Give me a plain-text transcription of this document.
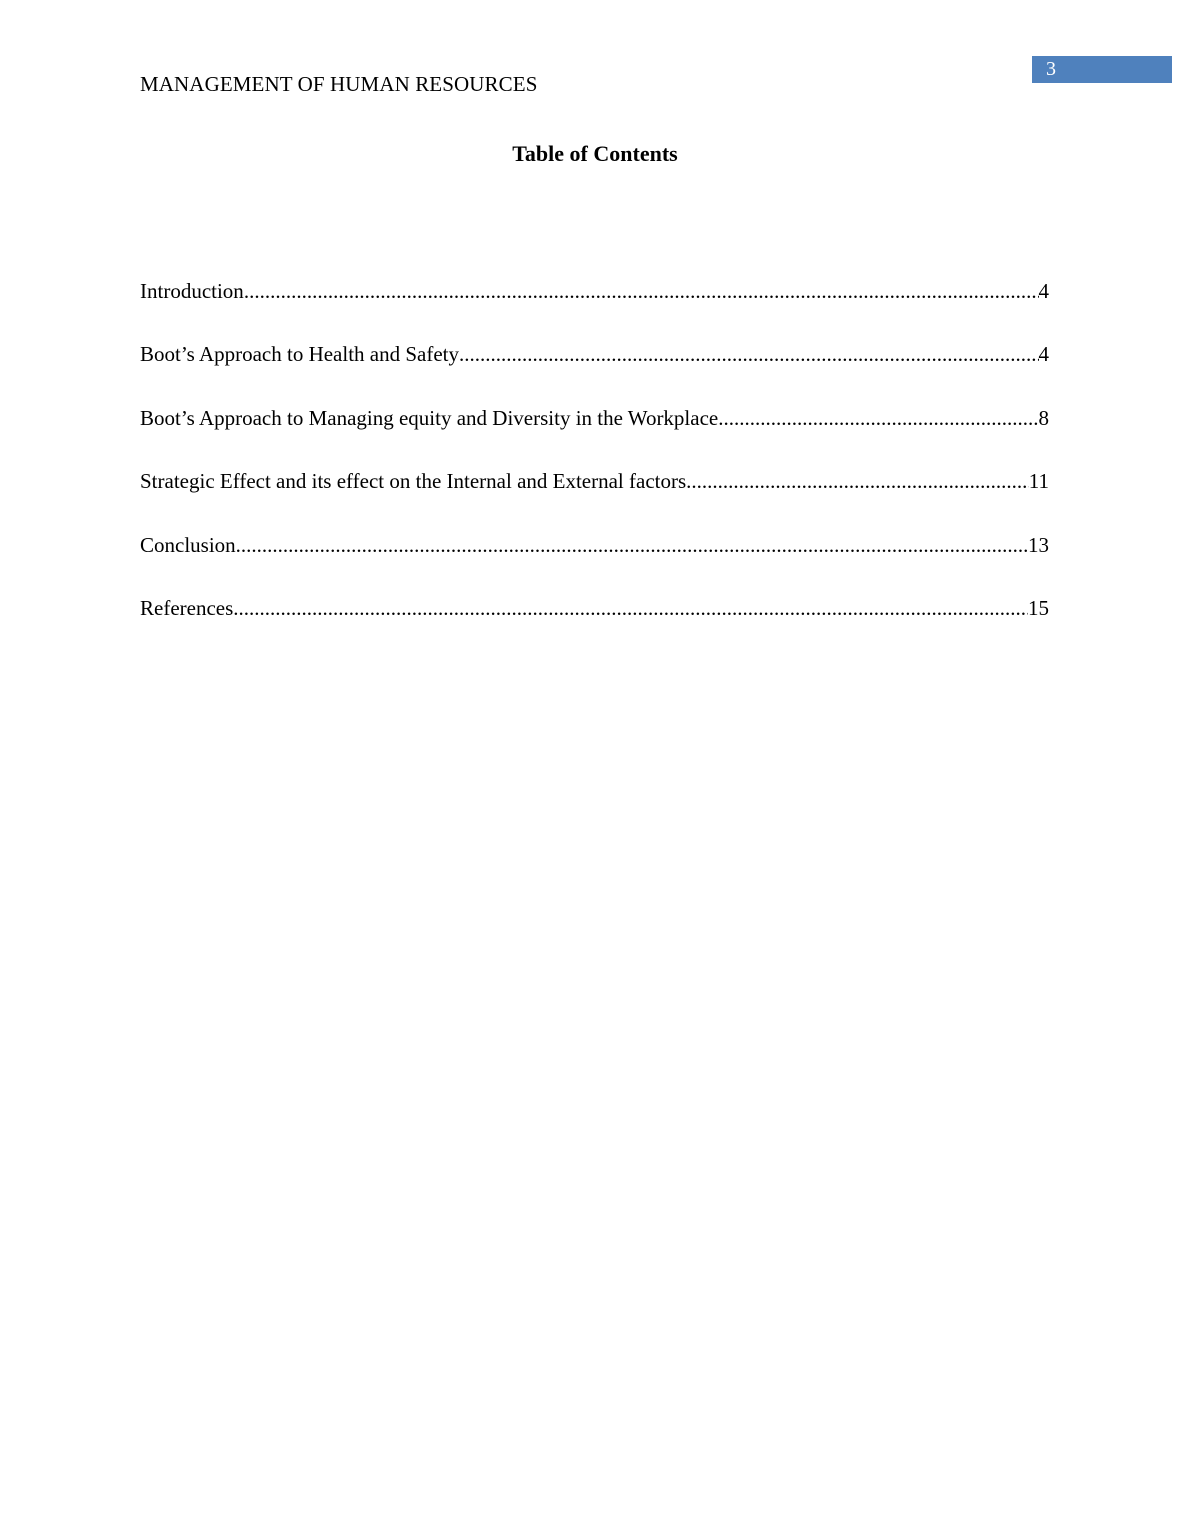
MANAGEMENT OF HUMAN RESOURCES
3
Table of Contents
Introduction .....	4
Boot’s Approach to Health and Safety .....	4
Boot’s Approach to Managing equity and Diversity in the Workplace .....	8
Strategic Effect and its effect on the Internal and External factors .....	11
Conclusion .....	13
References .....	15
